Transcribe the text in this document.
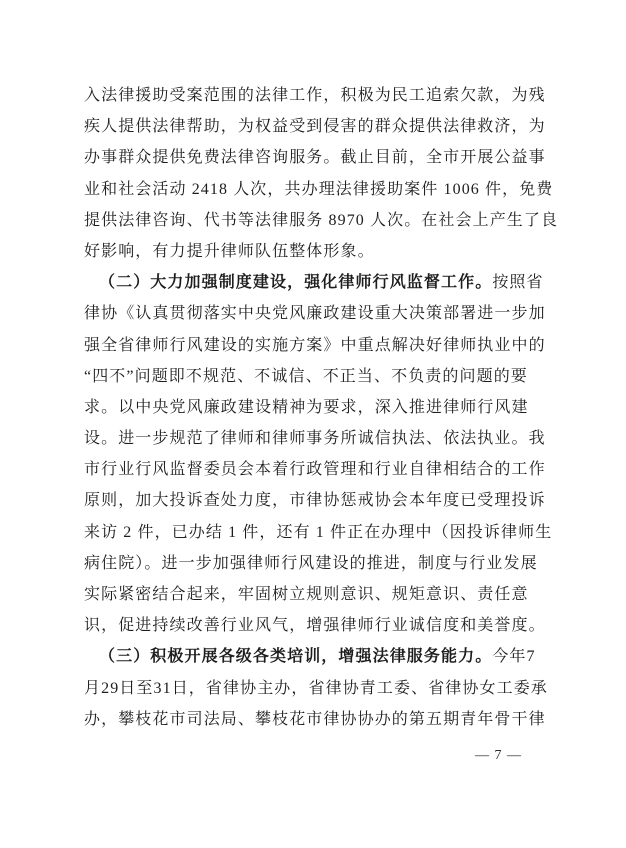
入法律援助受案范围的法律工作，积极为民工追索欠款，为残
疾人提供法律帮助，为权益受到侵害的群众提供法律救济，为
办事群众提供免费法律咨询服务。截止目前，全市开展公益事
业和社会活动 2418 人次，共办理法律援助案件 1006 件，免费
提供法律咨询、代书等法律服务 8970 人次。在社会上产生了良
好影响，有力提升律师队伍整体形象。
（二）大力加强制度建设，强化律师行风监督工作。按照省
律协《认真贯彻落实中央党风廉政建设重大决策部署进一步加
强全省律师行风建设的实施方案》中重点解决好律师执业中的
“四不”问题即不规范、不诚信、不正当、不负责的问题的要
求。以中央党风廉政建设精神为要求，深入推进律师行风建
设。进一步规范了律师和律师事务所诚信执法、依法执业。我
市行业行风监督委员会本着行政管理和行业自律相结合的工作
原则，加大投诉查处力度，市律协惩戒协会本年度已受理投诉
来访 2 件，已办结 1 件，还有 1 件正在办理中（因投诉律师生
病住院）。进一步加强律师行风建设的推进，制度与行业发展
实际紧密结合起来，牢固树立规则意识、规矩意识、责任意
识，促进持续改善行业风气，增强律师行业诚信度和美誉度。
（三）积极开展各级各类培训，增强法律服务能力。今年7
月29日至31日，省律协主办，省律协青工委、省律协女工委承
办，攀枝花市司法局、攀枝花市律协协办的第五期青年骨干律
— 7 —
